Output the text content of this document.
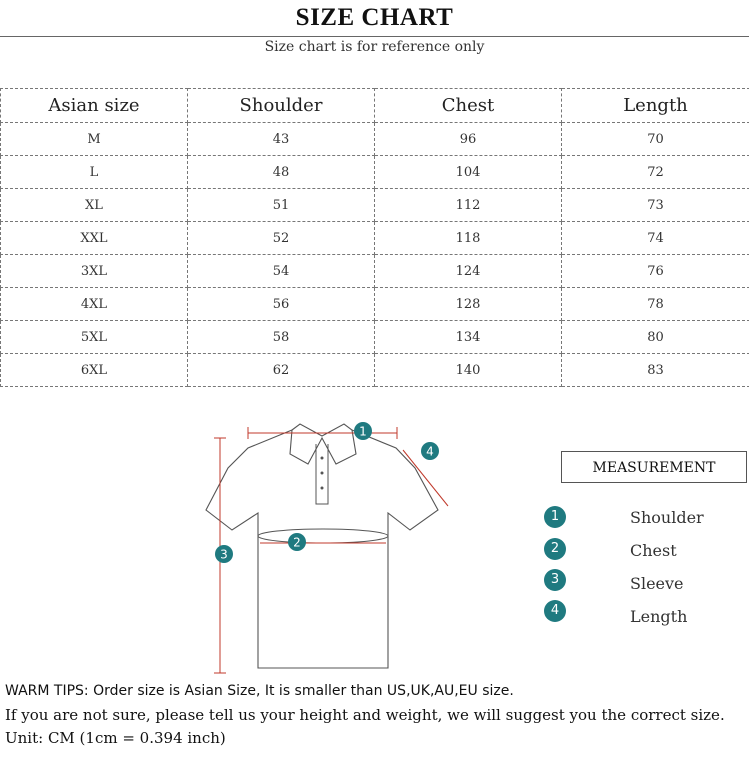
SIZE CHART
Size chart is for reference only
Asian size	Shoulder	Chest	Length
M	43	96	70
L	48	104	72
XL	51	112	73
XXL	52	118	74
3XL	54	124	76
4XL	56	128	78
5XL	58	134	80
6XL	62	140	83
1
2
3
4
MEASUREMENT
1	Shoulder
2	Chest
3	Sleeve
4	Length
WARM TIPS: Order size is Asian Size, It is smaller than US,UK,AU,EU size.
If you are not sure, please tell us your height and weight, we will suggest you the correct size.
Unit: CM (1cm = 0.394 inch)
